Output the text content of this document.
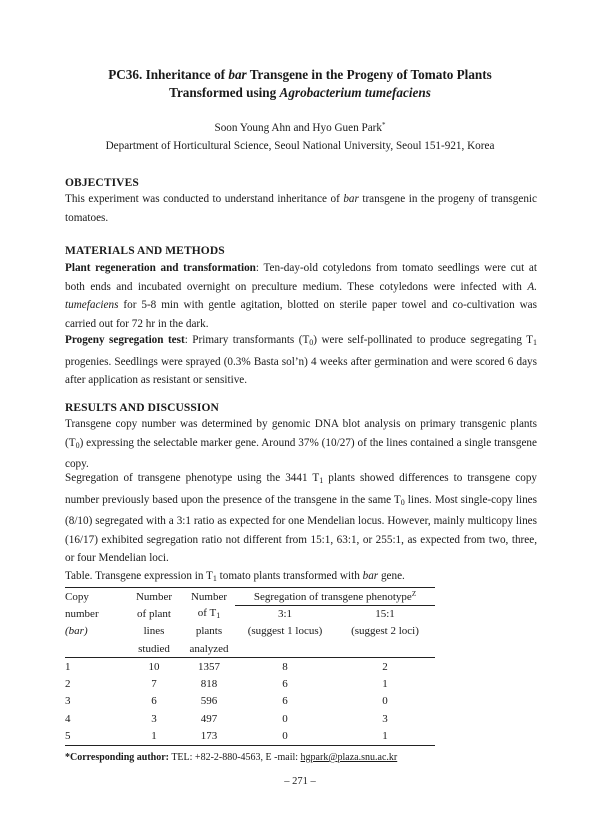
PC36. Inheritance of bar Transgene in the Progeny of Tomato Plants
Transformed using Agrobacterium tumefaciens
Soon Young Ahn and Hyo Guen Park*
Department of Horticultural Science, Seoul National University, Seoul 151-921, Korea
OBJECTIVES
This experiment was conducted to understand inheritance of bar transgene in the progeny of transgenic tomatoes.
MATERIALS AND METHODS
Plant regeneration and transformation: Ten-day-old cotyledons from tomato seedlings were cut at both ends and incubated overnight on preculture medium. These cotyledons were infected with A. tumefaciens for 5-8 min with gentle agitation, blotted on sterile paper towel and co-cultivation was carried out for 72 hr in the dark.
Progeny segregation test: Primary transformants $(T_0)$ were self-pollinated to produce segregating $T_1$ progenies. Seedlings were sprayed (0.3% Basta sol’n) 4 weeks after germination and were scored 6 days after application as resistant or sensitive.
RESULTS AND DISCUSSION
Transgene copy number was determined by genomic DNA blot analysis on primary transgenic plants $(T_0)$ expressing the selectable marker gene. Around 37% (10/27) of the lines contained a single transgene copy.
Segregation of transgene phenotype using the 3441 $T_1$ plants showed differences to transgene copy number previously based upon the presence of the transgene in the same $T_0$ lines. Most single-copy lines (8/10) segregated with a 3:1 ratio as expected for one Mendelian locus. However, mainly multicopy lines (16/17) exhibited segregation ratio not different from 15:1, 63:1, or 255:1, as expected from two, three, or four Mendelian loci.
Table. Transgene expression in $T_1$ tomato plants transformed with bar gene.
Copy	Number	Number	Segregation of transgene phenotype$^Z$
number	of plant	of $T_1$	3:1	15:1
(bar)	lines	plants	(suggest 1 locus)	(suggest 2 loci)
	studied	analyzed		
1	10	1357	8	2
2	7	818	6	1
3	6	596	6	0
4	3	497	0	3
5	1	173	0	1
*Corresponding author: TEL: +82-2-880-4563, E -mail: hgpark@plaza.snu.ac.kr
– 271 –
